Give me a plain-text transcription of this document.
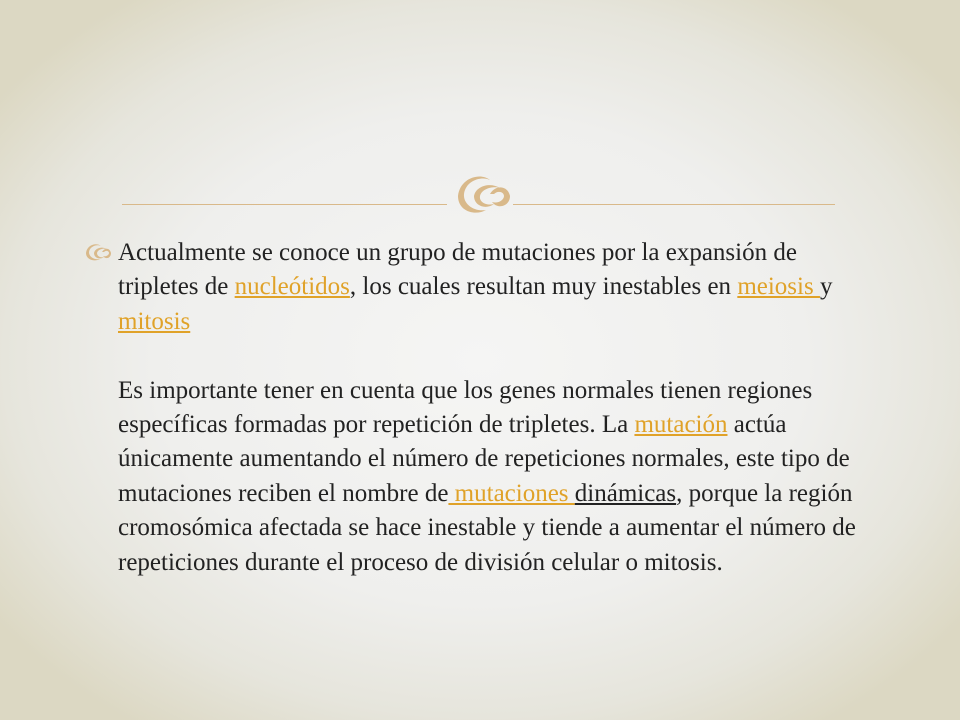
Actualmente se conoce un grupo de mutaciones por la expansión de tripletes de nucleótidos, los cuales resultan muy inestables en meiosis y mitosis

Es importante tener en cuenta que los genes normales tienen regiones específicas formadas por repetición de tripletes. La mutación actúa únicamente aumentando el número de repeticiones normales, este tipo de mutaciones reciben el nombre de mutaciones dinámicas, porque la región cromosómica afectada se hace inestable y tiende a aumentar el número de repeticiones durante el proceso de división celular o mitosis.
